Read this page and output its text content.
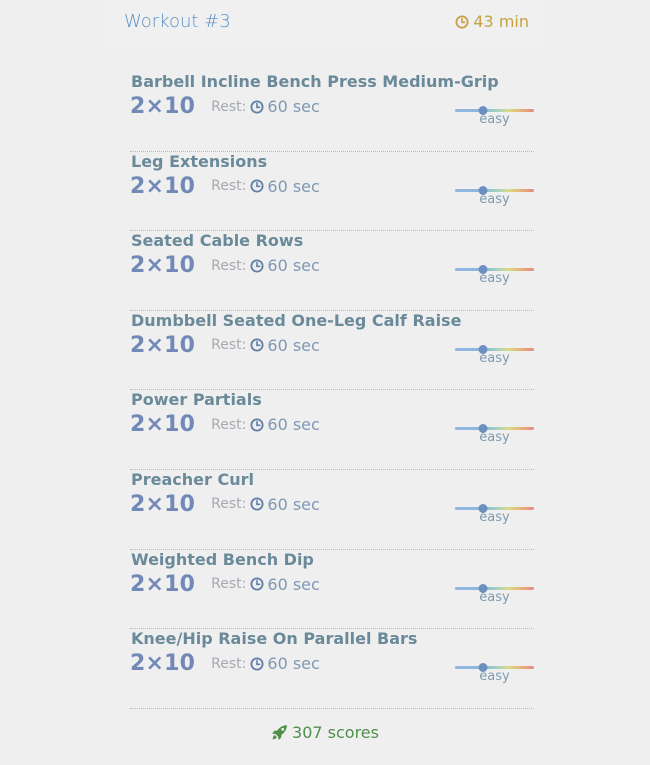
Workout #3	43 min
Barbell Incline Bench Press Medium-Grip
2×10 Rest: 60 sec
easy
Leg Extensions
2×10 Rest: 60 sec
easy
Seated Cable Rows
2×10 Rest: 60 sec
easy
Dumbbell Seated One-Leg Calf Raise
2×10 Rest: 60 sec
easy
Power Partials
2×10 Rest: 60 sec
easy
Preacher Curl
2×10 Rest: 60 sec
easy
Weighted Bench Dip
2×10 Rest: 60 sec
easy
Knee/Hip Raise On Parallel Bars
2×10 Rest: 60 sec
easy
307 scores
